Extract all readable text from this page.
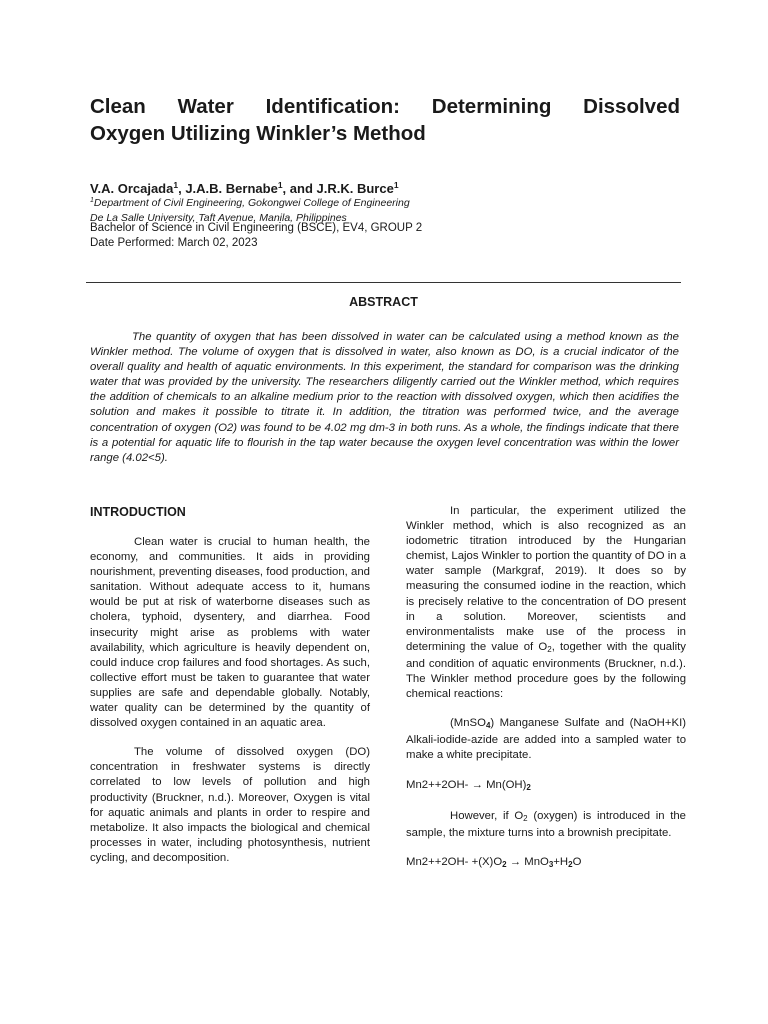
Clean Water Identification: Determining Dissolved
Oxygen Utilizing Winkler’s Method

V.A. Orcajada$^1$, J.A.B. Bernabe$^1$, and J.R.K. Burce$^1$

$^1$Department of Civil Engineering, Gokongwei College of Engineering
De La Salle University, Taft Avenue, Manila, Philippines
Bachelor of Science in Civil Engineering (BSCE), EV4, GROUP 2
Date Performed: March 02, 2023
ABSTRACT

The quantity of oxygen that has been dissolved in water can be calculated using a method known as the Winkler method. The volume of oxygen that is dissolved in water, also known as DO, is a crucial indicator of the overall quality and health of aquatic environments. In this experiment, the standard for comparison was the drinking water that was provided by the university. The researchers diligently carried out the Winkler method, which requires the addition of chemicals to an alkaline medium prior to the reaction with dissolved oxygen, which then acidifies the solution and makes it possible to titrate it. In addition, the titration was performed twice, and the average concentration of oxygen (O2) was found to be 4.02 mg dm-3 in both runs. As a whole, the findings indicate that there is a potential for aquatic life to flourish in the tap water because the oxygen level concentration was within the lower range (4.02<5).

INTRODUCTION

Clean water is crucial to human health, the economy, and communities. It aids in providing nourishment, preventing diseases, food production, and sanitation. Without adequate access to it, humans would be put at risk of waterborne diseases such as cholera, typhoid, dysentery, and diarrhea. Food insecurity might arise as problems with water availability, which agriculture is heavily dependent on, could induce crop failures and food shortages. As such, collective effort must be taken to guarantee that water supplies are safe and dependable globally. Notably, water quality can be determined by the quantity of dissolved oxygen contained in an aquatic area.

The volume of dissolved oxygen (DO) concentration in freshwater systems is directly correlated to low levels of pollution and high productivity (Bruckner, n.d.). Moreover, Oxygen is vital for aquatic animals and plants in order to respire and metabolize. It also impacts the biological and chemical processes in water, including photosynthesis, nutrient cycling, and decomposition.

In particular, the experiment utilized the Winkler method, which is also recognized as an iodometric titration introduced by the Hungarian chemist, Lajos Winkler to portion the quantity of DO in a water sample (Markgraf, 2019). It does so by measuring the consumed iodine in the reaction, which is precisely relative to the concentration of DO present in a solution. Moreover, scientists and environmentalists make use of the process in determining the value of $O_2$, together with the quality and condition of aquatic environments (Bruckner, n.d.). The Winkler method procedure goes by the following chemical reactions:

(MnSO$_4$) Manganese Sulfate and (NaOH+KI) Alkali-iodide-azide are added into a sampled water to make a white precipitate.

$Mn2++2OH- \to Mn(OH)_2$

However, if $O_2$ (oxygen) is introduced in the sample, the mixture turns into a brownish precipitate.

$Mn2++2OH- +(X)O_2 \to MnO_3+H_2O$
